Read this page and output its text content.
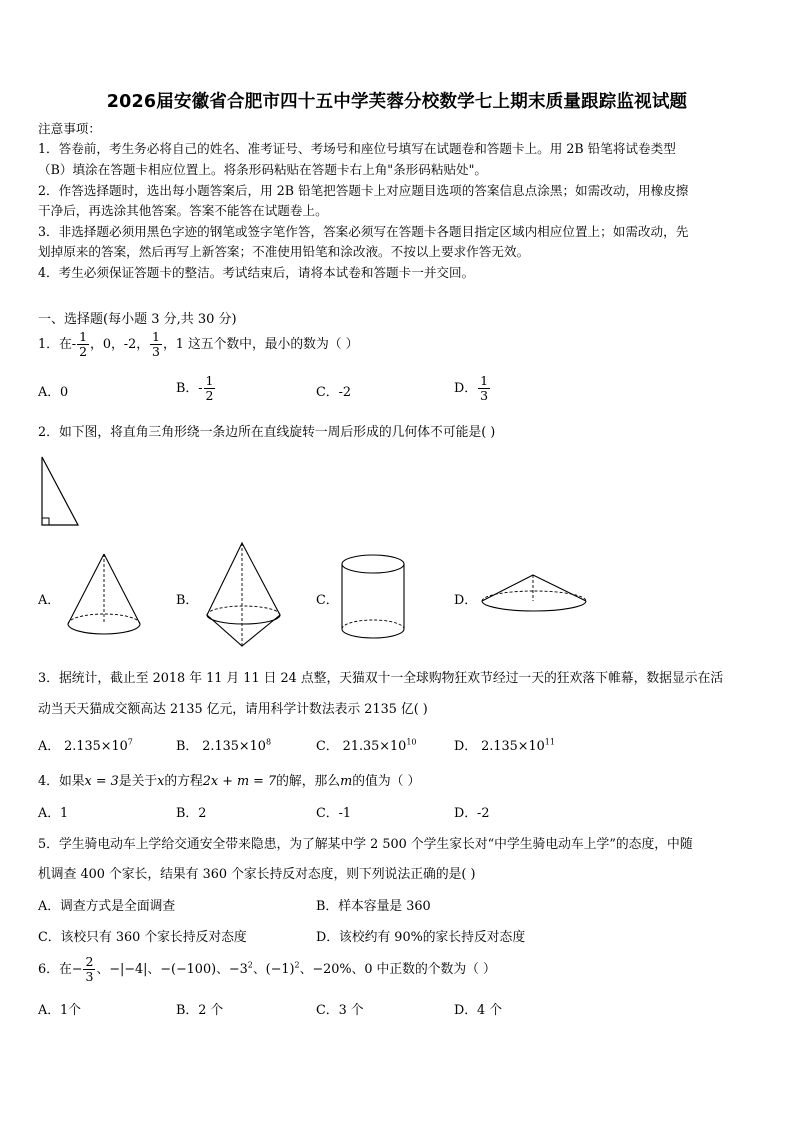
2026届安徽省合肥市四十五中学芙蓉分校数学七上期末质量跟踪监视试题
注意事项：
1．答卷前，考生务必将自己的姓名、准考证号、考场号和座位号填写在试题卷和答题卡上。用 2B 铅笔将试卷类型
（B）填涂在答题卡相应位置上。将条形码粘贴在答题卡右上角"条形码粘贴处"。
2．作答选择题时，选出每小题答案后，用 2B 铅笔把答题卡上对应题目选项的答案信息点涂黑；如需改动，用橡皮擦
干净后，再选涂其他答案。答案不能答在试题卷上。
3．非选择题必须用黑色字迹的钢笔或签字笔作答，答案必须写在答题卡各题目指定区域内相应位置上；如需改动，先
划掉原来的答案，然后再写上新答案；不准使用铅笔和涂改液。不按以上要求作答无效。
4．考生必须保证答题卡的整洁。考试结束后，请将本试卷和答题卡一并交回。
一、选择题(每小题 3 分,共 30 分)
1．在- $\frac{1}{2}$ ，0，-2， $\frac{1}{3}$ ，1 这五个数中，最小的数为（ ）
A．0	B．- $\frac{1}{2}$	C．-2	D． $\frac{1}{3}$
2．如下图，将直角三角形绕一条边所在直线旋转一周后形成的几何体不可能是( )
A．	B．	C．	D．
3．据统计，截止至 2018 年 11 月 11 日 24 点整，天猫双十一全球购物狂欢节经过一天的狂欢落下帷幕，数据显示在活
动当天天猫成交额高达 2135 亿元，请用科学计数法表示 2135 亿( )
A． $2.135\times 10^7$	B． $2.135\times 10^8$	C． $21.35\times 10^{10}$	D． $2.135\times 10^{11}$
4．如果x = 3是关于x的方程2x + m = 7的解，那么m的值为（ ）
A．1	B．2	C．-1	D．-2
5．学生骑电动车上学给交通安全带来隐患，为了解某中学 2 500 个学生家长对“中学生骑电动车上学”的态度，中随
机调查 400 个家长，结果有 360 个家长持反对态度，则下列说法正确的是( )
A．调查方式是全面调查	B．样本容量是 360
C．该校只有 360 个家长持反对态度	D．该校约有 90%的家长持反对态度
6．在− $\frac{2}{3}$ 、−|−4|、−(−100)、$-3^2$、$(-1)^2$、−20%、0 中正数的个数为（ ）
A．1个	B．2 个	C．3 个	D．4 个
